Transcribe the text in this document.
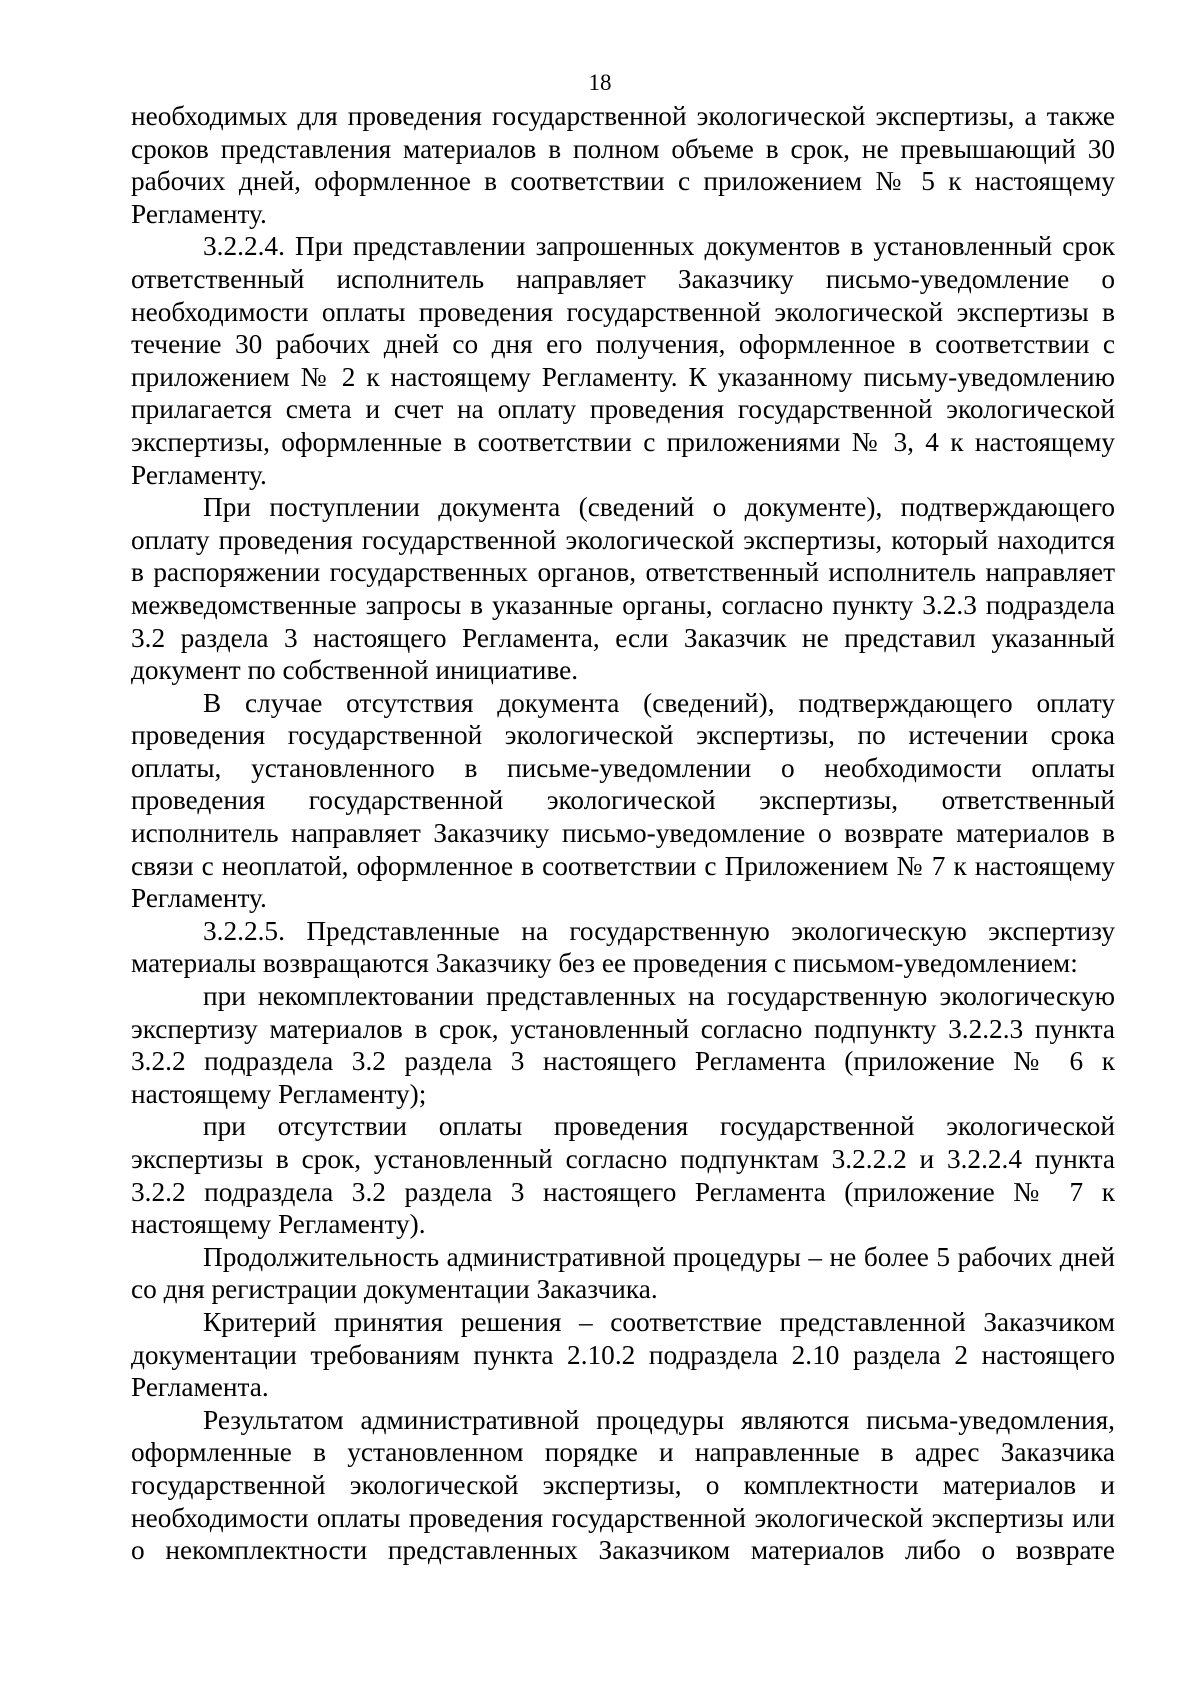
18

необходимых для проведения государственной экологической экспертизы, а также сроков представления материалов в полном объеме в срок, не превышающий 30 рабочих дней, оформленное в соответствии с приложением № 5 к настоящему Регламенту.

3.2.2.4. При представлении запрошенных документов в установленный срок ответственный исполнитель направляет Заказчику письмо-уведомление о необходимости оплаты проведения государственной экологической экспертизы в течение 30 рабочих дней со дня его получения, оформленное в соответствии с приложением № 2 к настоящему Регламенту. К указанному письму-уведомлению прилагается смета и счет на оплату проведения государственной экологической экспертизы, оформленные в соответствии с приложениями № 3, 4 к настоящему Регламенту.

При поступлении документа (сведений о документе), подтверждающего оплату проведения государственной экологической экспертизы, который находится в распоряжении государственных органов, ответственный исполнитель направляет межведомственные запросы в указанные органы, согласно пункту 3.2.3 подраздела 3.2 раздела 3 настоящего Регламента, если Заказчик не представил указанный документ по собственной инициативе.

В случае отсутствия документа (сведений), подтверждающего оплату проведения государственной экологической экспертизы, по истечении срока оплаты, установленного в письме-уведомлении о необходимости оплаты проведения государственной экологической экспертизы, ответственный исполнитель направляет Заказчику письмо-уведомление о возврате материалов в связи с неоплатой, оформленное в соответствии с Приложением № 7 к настоящему Регламенту.

3.2.2.5. Представленные на государственную экологическую экспертизу материалы возвращаются Заказчику без ее проведения с письмом-уведомлением:

при некомплектовании представленных на государственную экологическую экспертизу материалов в срок, установленный согласно подпункту 3.2.2.3 пункта 3.2.2 подраздела 3.2 раздела 3 настоящего Регламента (приложение № 6 к настоящему Регламенту);

при отсутствии оплаты проведения государственной экологической экспертизы в срок, установленный согласно подпунктам 3.2.2.2 и 3.2.2.4 пункта 3.2.2 подраздела 3.2 раздела 3 настоящего Регламента (приложение № 7 к настоящему Регламенту).

Продолжительность административной процедуры – не более 5 рабочих дней со дня регистрации документации Заказчика.

Критерий принятия решения – соответствие представленной Заказчиком документации требованиям пункта 2.10.2 подраздела 2.10 раздела 2 настоящего Регламента.

Результатом административной процедуры являются письма-уведомления, оформленные в установленном порядке и направленные в адрес Заказчика государственной экологической экспертизы, о комплектности материалов и необходимости оплаты проведения государственной экологической экспертизы или о некомплектности представленных Заказчиком материалов либо о возврате
